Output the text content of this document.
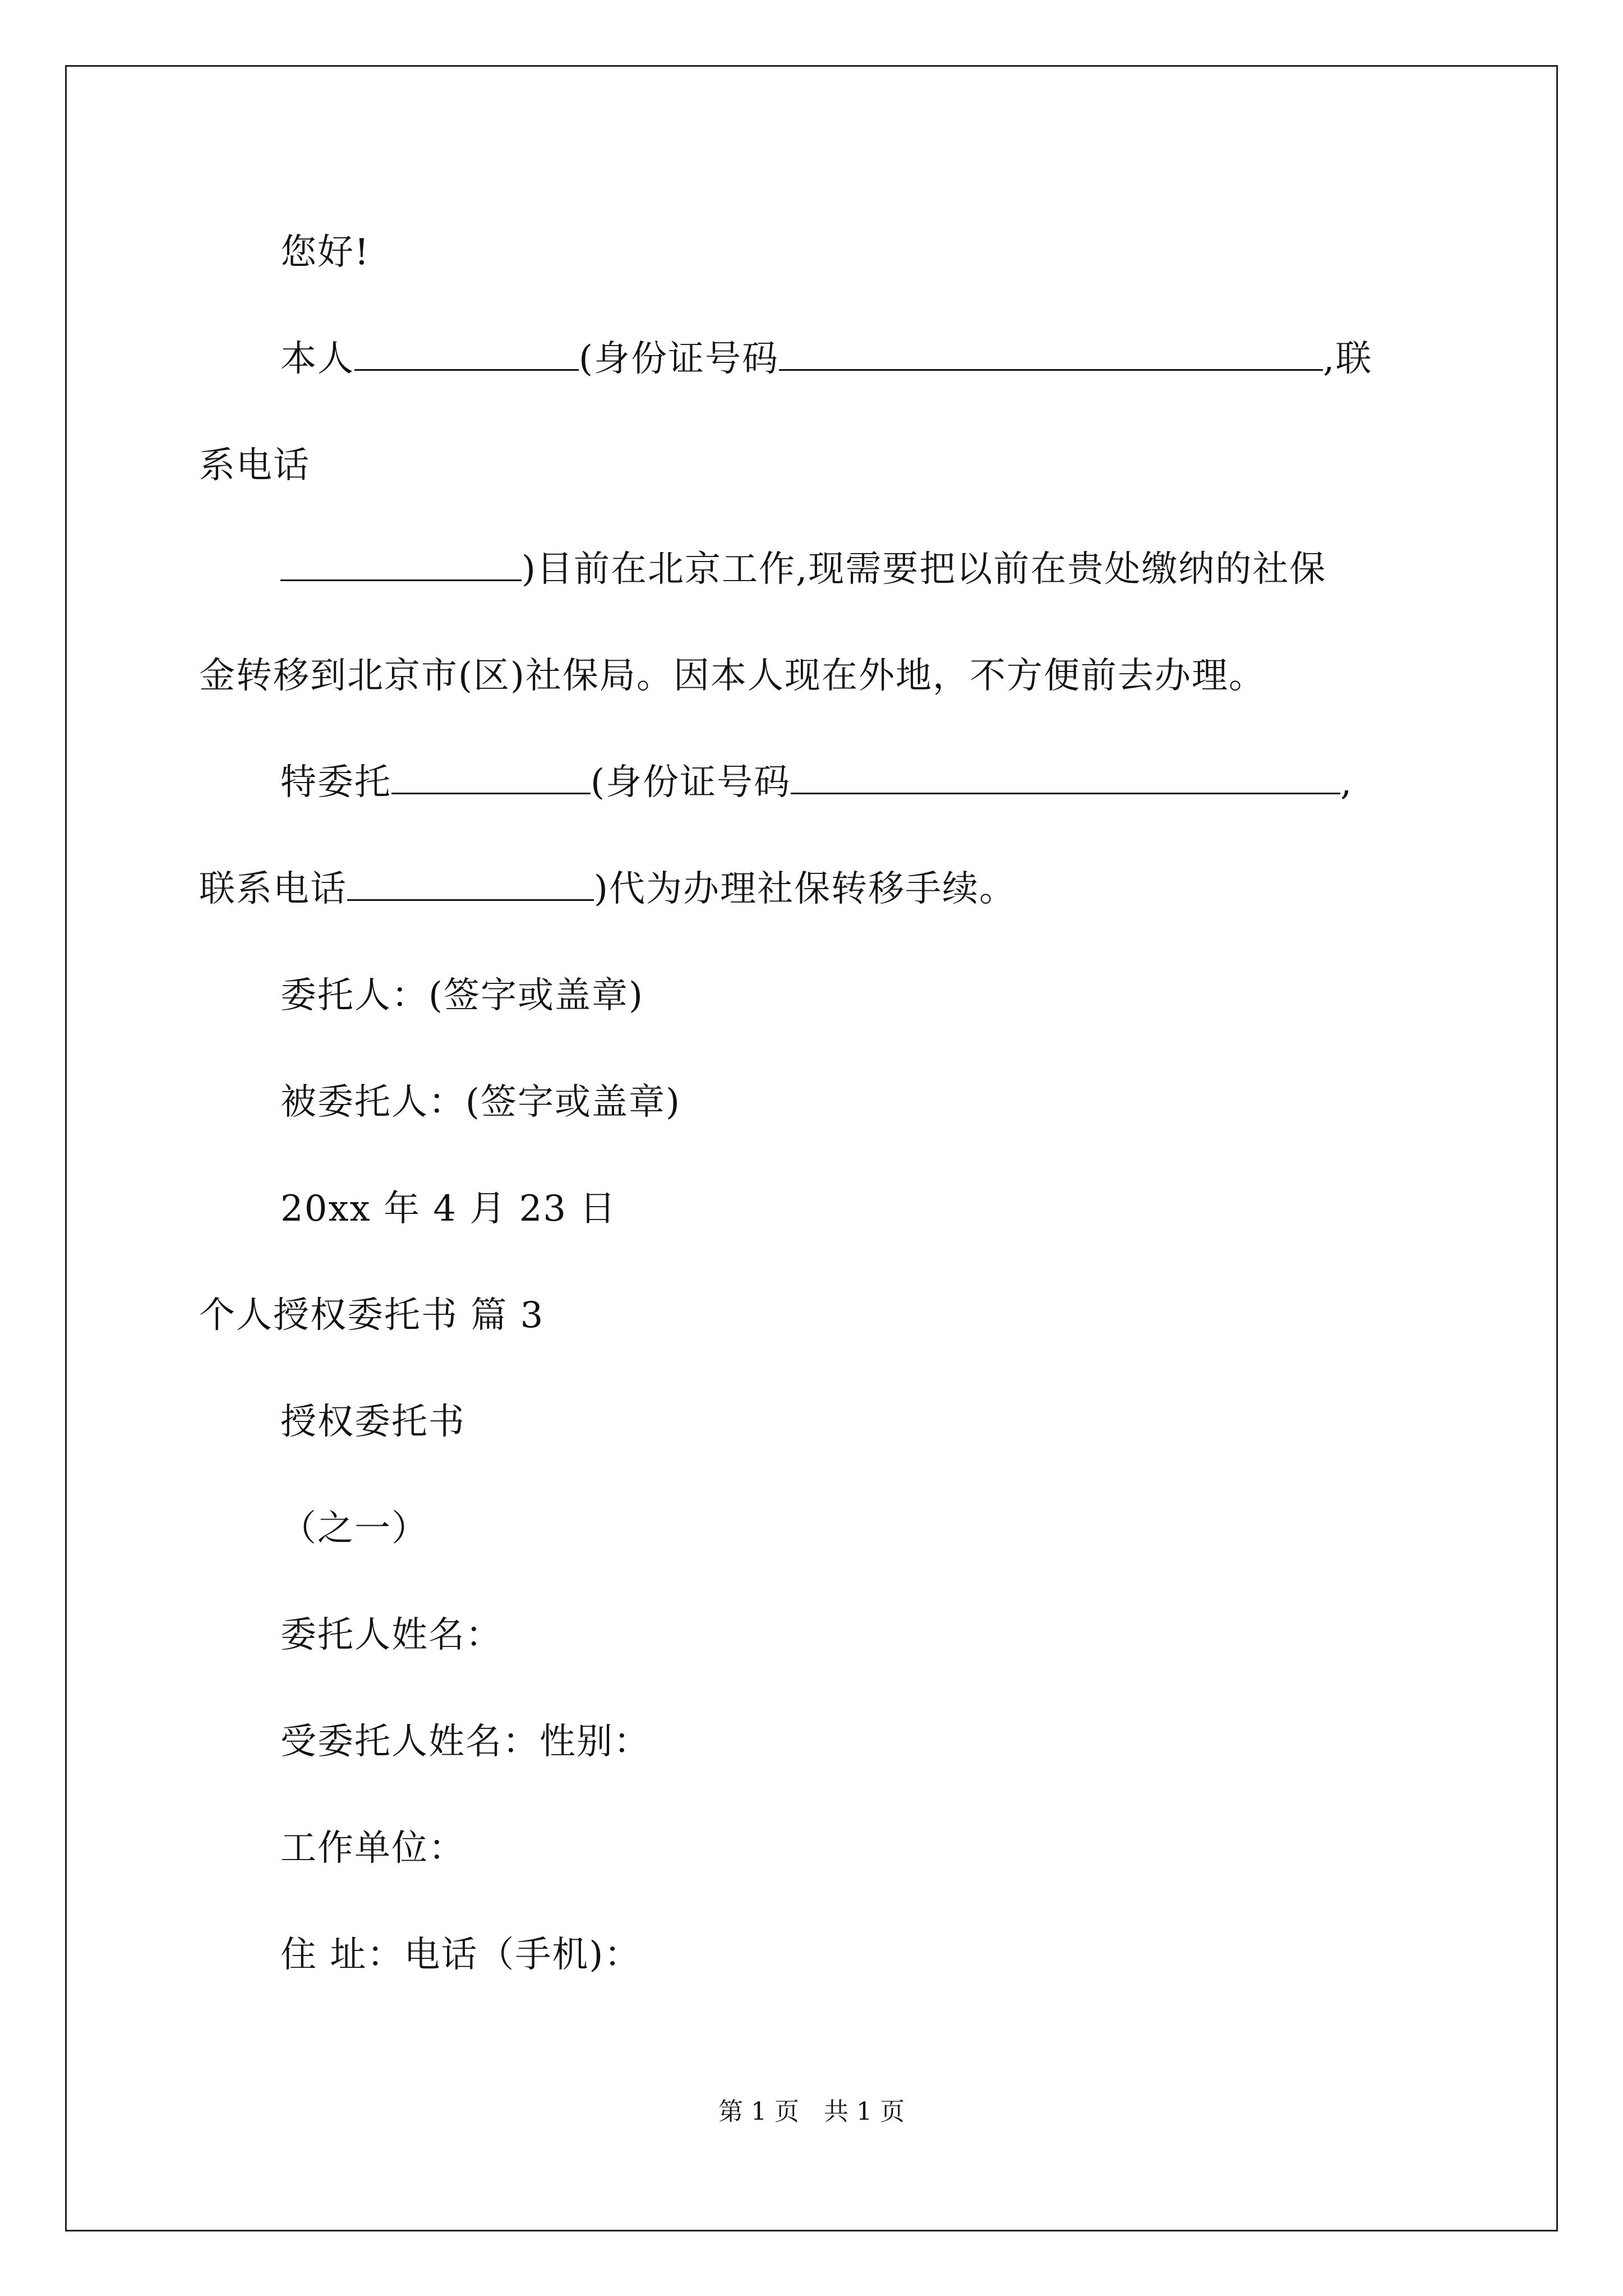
您好!
本人	(身份证号码	,联
系电话
)目前在北京工作,现需要把以前在贵处缴纳的社保
金转移到北京市(区)社保局。因本人现在外地，不方便前去办理。
特委托	(身份证号码	,
联系电话	)代为办理社保转移手续。
委托人：(签字或盖章)
被委托人：(签字或盖章)
20xx 年 4 月 23 日
个人授权委托书 篇 3
授权委托书
（之一）
委托人姓名：
受委托人姓名：性别：
工作单位：
住 址：电话（手机)：
第 1 页　共 1 页
